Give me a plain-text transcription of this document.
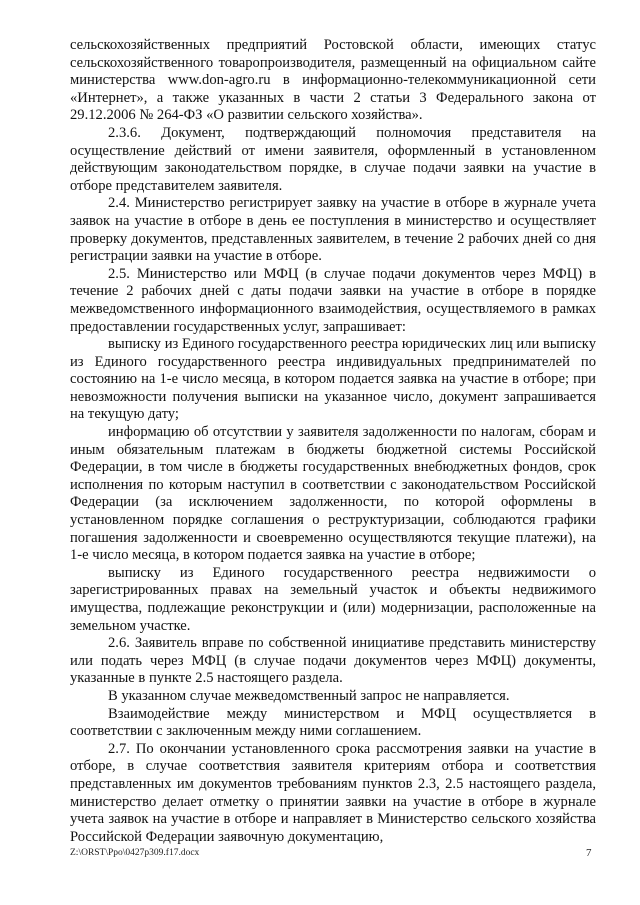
сельскохозяйственных предприятий Ростовской области, имеющих статус сельскохозяйственного товаропроизводителя, размещенный на официальном сайте министерства www.don-agro.ru в информационно-телекоммуникационной сети «Интернет», а также указанных в части 2 статьи 3 Федерального закона от 29.12.2006 № 264-ФЗ «О развитии сельского хозяйства».

2.3.6. Документ, подтверждающий полномочия представителя на осуществление действий от имени заявителя, оформленный в установленном действующим законодательством порядке, в случае подачи заявки на участие в отборе представителем заявителя.

2.4. Министерство регистрирует заявку на участие в отборе в журнале учета заявок на участие в отборе в день ее поступления в министерство и осуществляет проверку документов, представленных заявителем, в течение 2 рабочих дней со дня регистрации заявки на участие в отборе.

2.5. Министерство или МФЦ (в случае подачи документов через МФЦ) в течение 2 рабочих дней с даты подачи заявки на участие в отборе в порядке межведомственного информационного взаимодействия, осуществляемого в рамках предоставлении государственных услуг, запрашивает:

выписку из Единого государственного реестра юридических лиц или выписку из Единого государственного реестра индивидуальных предпринимателей по состоянию на 1-е число месяца, в котором подается заявка на участие в отборе; при невозможности получения выписки на указанное число, документ запрашивается на текущую дату;

информацию об отсутствии у заявителя задолженности по налогам, сборам и иным обязательным платежам в бюджеты бюджетной системы Российской Федерации, в том числе в бюджеты государственных внебюджетных фондов, срок исполнения по которым наступил в соответствии с законодательством Российской Федерации (за исключением задолженности, по которой оформлены в установленном порядке соглашения о реструктуризации, соблюдаются графики погашения задолженности и своевременно осуществляются текущие платежи), на 1-е число месяца, в котором подается заявка на участие в отборе;

выписку из Единого государственного реестра недвижимости о зарегистрированных правах на земельный участок и объекты недвижимого имущества, подлежащие реконструкции и (или) модернизации, расположенные на земельном участке.

2.6. Заявитель вправе по собственной инициативе представить министерству или подать через МФЦ (в случае подачи документов через МФЦ) документы, указанные в пункте 2.5 настоящего раздела.

В указанном случае межведомственный запрос не направляется.

Взаимодействие между министерством и МФЦ осуществляется в соответствии с заключенным между ними соглашением.

2.7. По окончании установленного срока рассмотрения заявки на участие в отборе, в случае соответствия заявителя критериям отбора и соответствия представленных им документов требованиям пунктов 2.3, 2.5 настоящего раздела, министерство делает отметку о принятии заявки на участие в отборе в журнале учета заявок на участие в отборе и направляет в Министерство сельского хозяйства Российской Федерации заявочную документацию,

Z:\ORST\Ppo\0427p309.f17.docx	7
